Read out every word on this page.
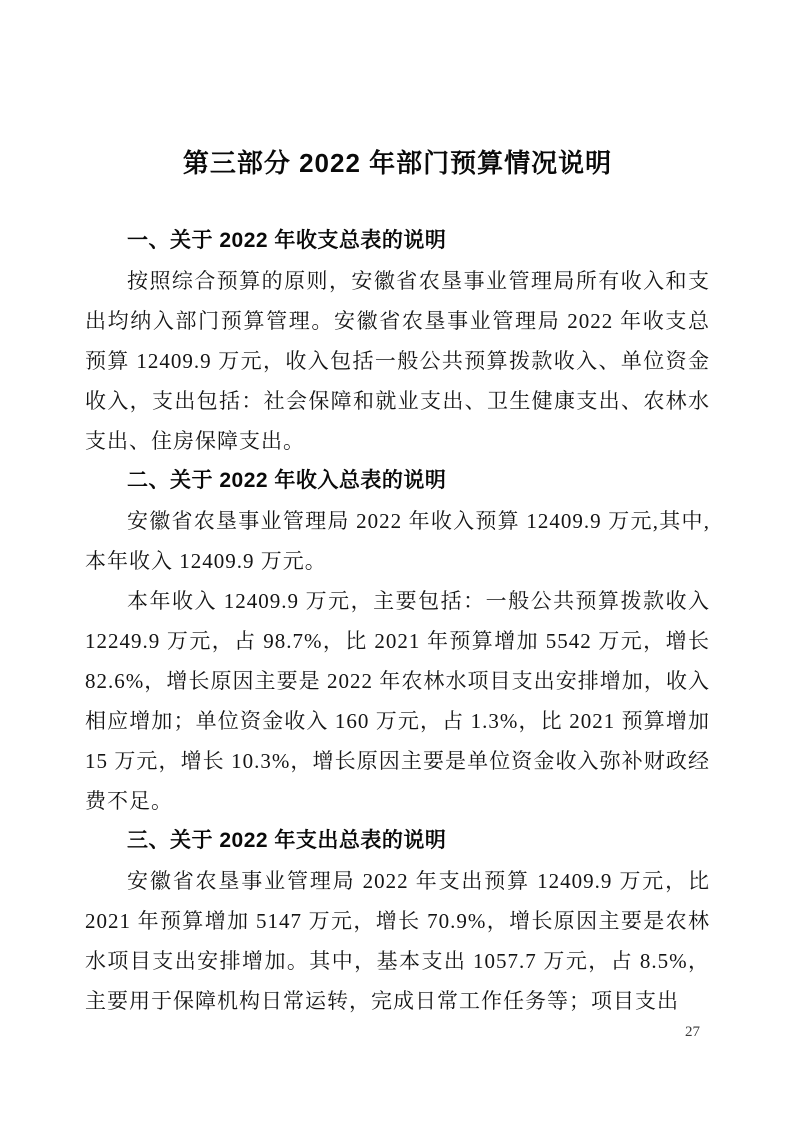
第三部分 2022 年部门预算情况说明
一、关于 2022 年收支总表的说明

按照综合预算的原则，安徽省农垦事业管理局所有收入和支出均纳入部门预算管理。安徽省农垦事业管理局 2022 年收支总预算 12409.9 万元，收入包括一般公共预算拨款收入、单位资金收入，支出包括：社会保障和就业支出、卫生健康支出、农林水支出、住房保障支出。

二、关于 2022 年收入总表的说明

安徽省农垦事业管理局 2022 年收入预算 12409.9 万元,其中,本年收入 12409.9 万元。

本年收入 12409.9 万元，主要包括：一般公共预算拨款收入 12249.9 万元，占 98.7%，比 2021 年预算增加 5542 万元，增长 82.6%，增长原因主要是 2022 年农林水项目支出安排增加，收入相应增加；单位资金收入 160 万元，占 1.3%，比 2021 预算增加 15 万元，增长 10.3%，增长原因主要是单位资金收入弥补财政经费不足。

三、关于 2022 年支出总表的说明

安徽省农垦事业管理局 2022 年支出预算 12409.9 万元，比 2021 年预算增加 5147 万元，增长 70.9%，增长原因主要是农林水项目支出安排增加。其中，基本支出 1057.7 万元，占 8.5%，主要用于保障机构日常运转，完成日常工作任务等；项目支出

27
